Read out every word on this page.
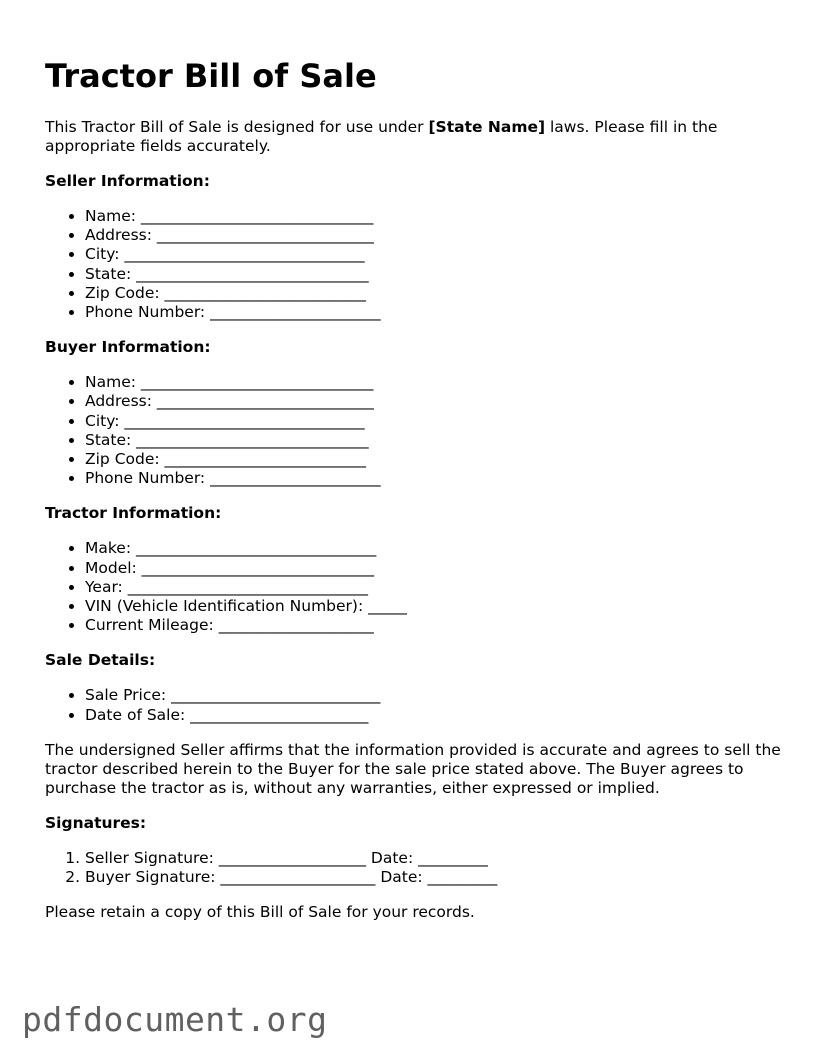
Tractor Bill of Sale

This Tractor Bill of Sale is designed for use under [State Name] laws. Please fill in the appropriate fields accurately.

Seller Information:
• Name: ______________________________
• Address: ____________________________
• City: _______________________________
• State: ______________________________
• Zip Code: __________________________
• Phone Number: ______________________
Buyer Information:
• Name: ______________________________
• Address: ____________________________
• City: _______________________________
• State: ______________________________
• Zip Code: __________________________
• Phone Number: ______________________
Tractor Information:
• Make: _______________________________
• Model: ______________________________
• Year: _______________________________
• VIN (Vehicle Identification Number): _____
• Current Mileage: ____________________
Sale Details:
• Sale Price: ___________________________
• Date of Sale: _______________________

The undersigned Seller affirms that the information provided is accurate and agrees to sell the tractor described herein to the Buyer for the sale price stated above. The Buyer agrees to purchase the tractor as is, without any warranties, either expressed or implied.

Signatures:
1. Seller Signature: ___________________ Date: _________
2. Buyer Signature: ____________________ Date: _________

Please retain a copy of this Bill of Sale for your records.

pdfdocument.org
